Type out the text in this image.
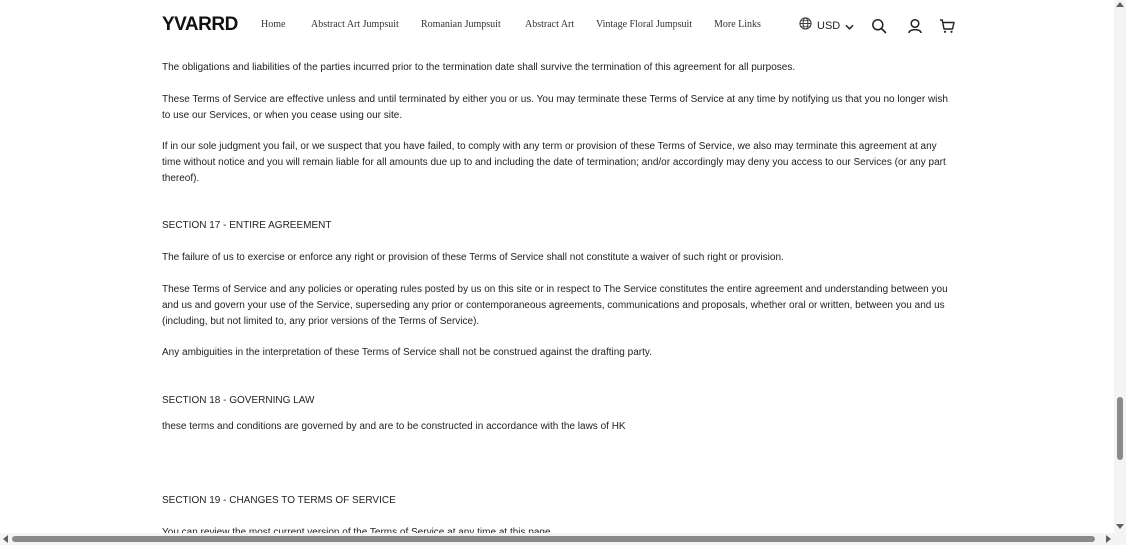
YVARRD Home	Abstract Art Jumpsuit Romanian Jumpsuit Abstract Art Vintage Floral Jumpsuit More Links	USD

The obligations and liabilities of the parties incurred prior to the termination date shall survive the termination of this agreement for all purposes.

These Terms of Service are effective unless and until terminated by either you or us. You may terminate these Terms of Service at any time by notifying us that you no longer wish to use our Services, or when you cease using our site.

If in our sole judgment you fail, or we suspect that you have failed, to comply with any term or provision of these Terms of Service, we also may terminate this agreement at any time without notice and you will remain liable for all amounts due up to and including the date of termination; and/or accordingly may deny you access to our Services (or any part thereof).

SECTION 17 - ENTIRE AGREEMENT

The failure of us to exercise or enforce any right or provision of these Terms of Service shall not constitute a waiver of such right or provision.

These Terms of Service and any policies or operating rules posted by us on this site or in respect to The Service constitutes the entire agreement and understanding between you and us and govern your use of the Service, superseding any prior or contemporaneous agreements, communications and proposals, whether oral or written, between you and us (including, but not limited to, any prior versions of the Terms of Service).

Any ambiguities in the interpretation of these Terms of Service shall not be construed against the drafting party.

SECTION 18 - GOVERNING LAW

these terms and conditions are governed by and are to be constructed in accordance with the laws of HK

SECTION 19 - CHANGES TO TERMS OF SERVICE
